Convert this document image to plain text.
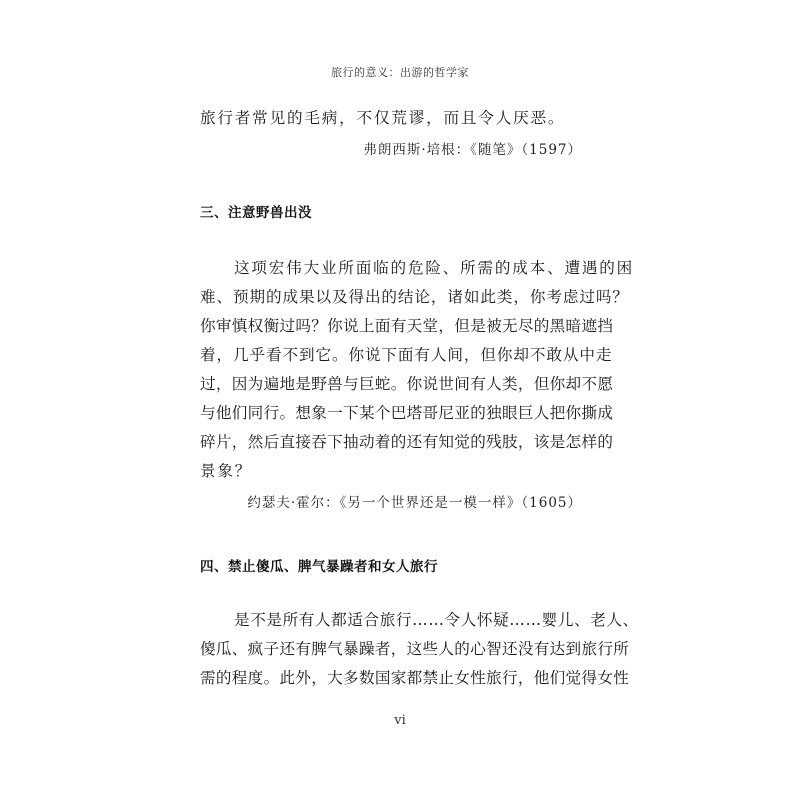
旅行的意义：出游的哲学家
旅行者常见的毛病，不仅荒谬，而且令人厌恶。
弗朗西斯·培根：《随笔》（1597）
三、注意野兽出没
这项宏伟大业所面临的危险、所需的成本、遭遇的困
难、预期的成果以及得出的结论，诸如此类，你考虑过吗？
你审慎权衡过吗？你说上面有天堂，但是被无尽的黑暗遮挡
着，几乎看不到它。你说下面有人间，但你却不敢从中走
过，因为遍地是野兽与巨蛇。你说世间有人类，但你却不愿
与他们同行。想象一下某个巴塔哥尼亚的独眼巨人把你撕成
碎片，然后直接吞下抽动着的还有知觉的残肢，该是怎样的
景象？
约瑟夫·霍尔：《另一个世界还是一模一样》（1605）
四、禁止傻瓜、脾气暴躁者和女人旅行
是不是所有人都适合旅行……令人怀疑……婴儿、老人、
傻瓜、疯子还有脾气暴躁者，这些人的心智还没有达到旅行所
需的程度。此外，大多数国家都禁止女性旅行，他们觉得女性
vi
